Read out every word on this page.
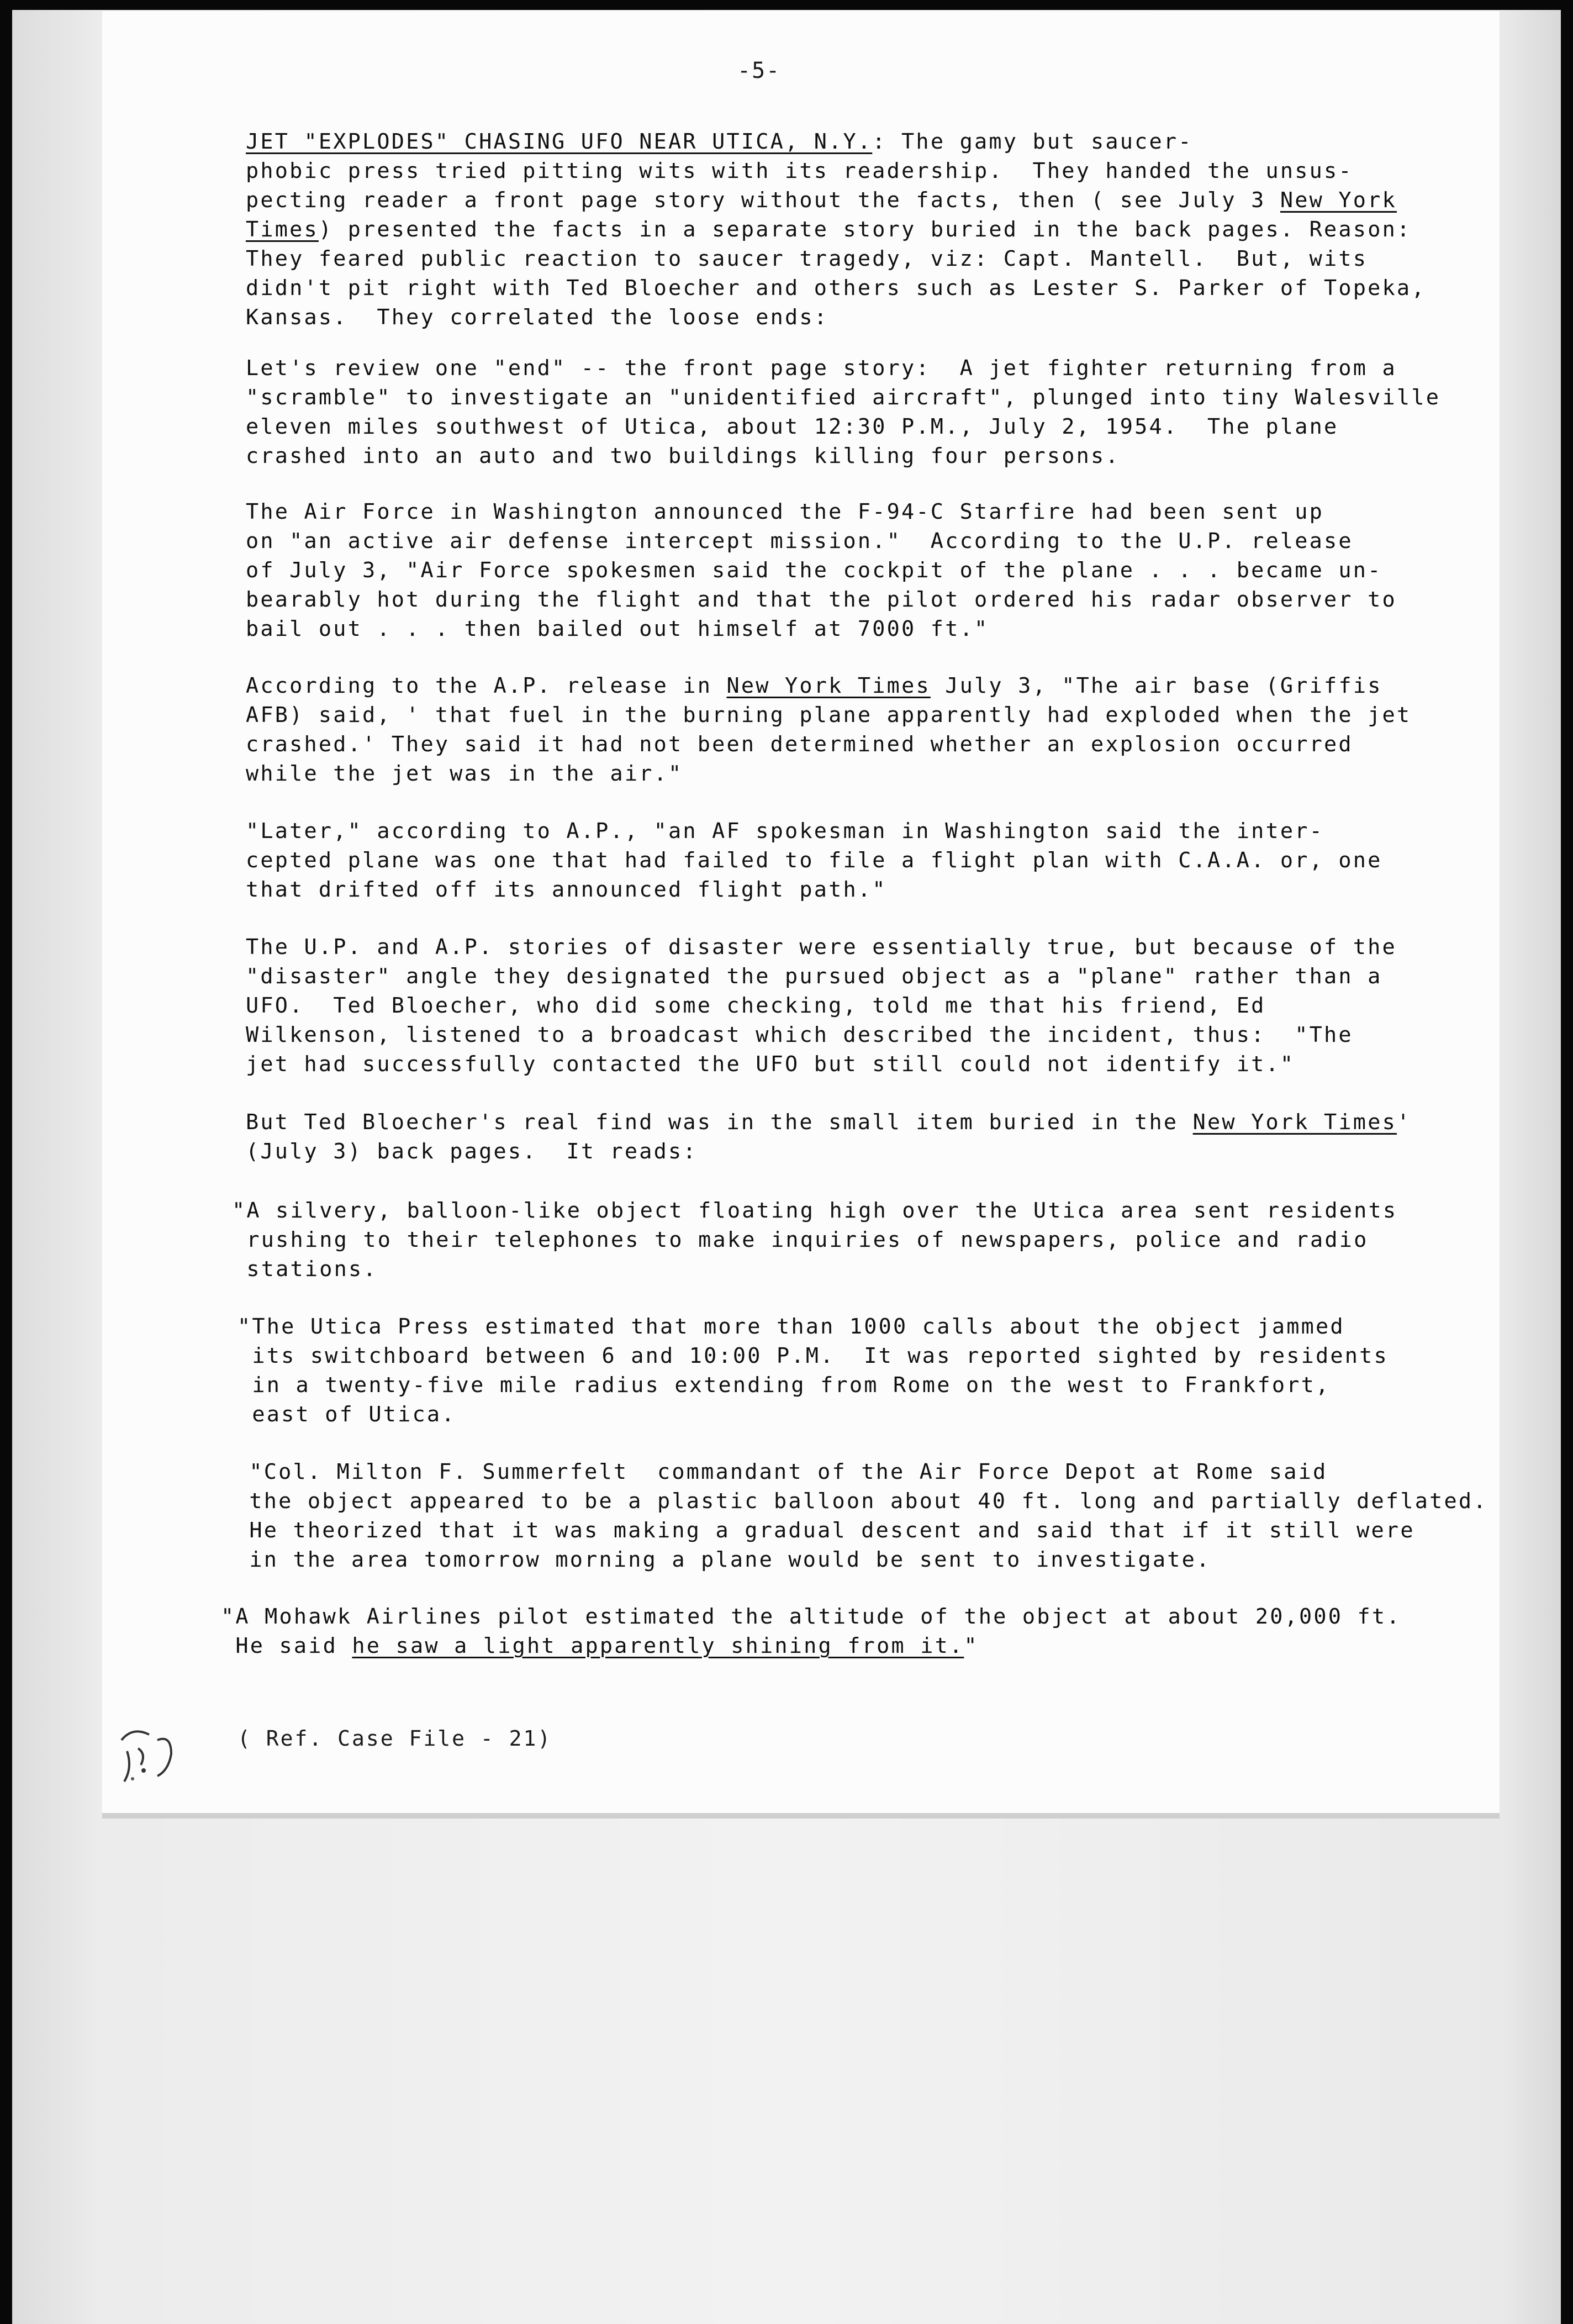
-5-

JET "EXPLODES" CHASING UFO NEAR UTICA, N.Y.: The gamy but saucer-

phobic press tried pitting wits with its readership.  They handed the unsus-

pecting reader a front page story without the facts, then ( see July 3 New York

Times) presented the facts in a separate story buried in the back pages. Reason:

They feared public reaction to saucer tragedy, viz: Capt. Mantell.  But, wits

didn't pit right with Ted Bloecher and others such as Lester S. Parker of Topeka,

Kansas.  They correlated the loose ends:

Let's review one "end" -- the front page story:  A jet fighter returning from a

"scramble" to investigate an "unidentified aircraft", plunged into tiny Walesville

eleven miles southwest of Utica, about 12:30 P.M., July 2, 1954.  The plane

crashed into an auto and two buildings killing four persons.

The Air Force in Washington announced the F-94-C Starfire had been sent up

on "an active air defense intercept mission."  According to the U.P. release

of July 3, "Air Force spokesmen said the cockpit of the plane . . . became un-

bearably hot during the flight and that the pilot ordered his radar observer to

bail out . . . then bailed out himself at 7000 ft."

According to the A.P. release in New York Times July 3, "The air base (Griffis

AFB) said, ' that fuel in the burning plane apparently had exploded when the jet

crashed.' They said it had not been determined whether an explosion occurred

while the jet was in the air."

"Later," according to A.P., "an AF spokesman in Washington said the inter-

cepted plane was one that had failed to file a flight plan with C.A.A. or, one

that drifted off its announced flight path."

The U.P. and A.P. stories of disaster were essentially true, but because of the

"disaster" angle they designated the pursued object as a "plane" rather than a

UFO.  Ted Bloecher, who did some checking, told me that his friend, Ed

Wilkenson, listened to a broadcast which described the incident, thus:  "The

jet had successfully contacted the UFO but still could not identify it."

But Ted Bloecher's real find was in the small item buried in the New York Times'

(July 3) back pages.  It reads:

"A silvery, balloon-like object floating high over the Utica area sent residents

rushing to their telephones to make inquiries of newspapers, police and radio

stations.

"The Utica Press estimated that more than 1000 calls about the object jammed

its switchboard between 6 and 10:00 P.M.  It was reported sighted by residents

in a twenty-five mile radius extending from Rome on the west to Frankfort,

east of Utica.

"Col. Milton F. Summerfelt  commandant of the Air Force Depot at Rome said

the object appeared to be a plastic balloon about 40 ft. long and partially deflated.

He theorized that it was making a gradual descent and said that if it still were

in the area tomorrow morning a plane would be sent to investigate.

"A Mohawk Airlines pilot estimated the altitude of the object at about 20,000 ft.

He said he saw a light apparently shining from it."

( Ref. Case File - 21)
